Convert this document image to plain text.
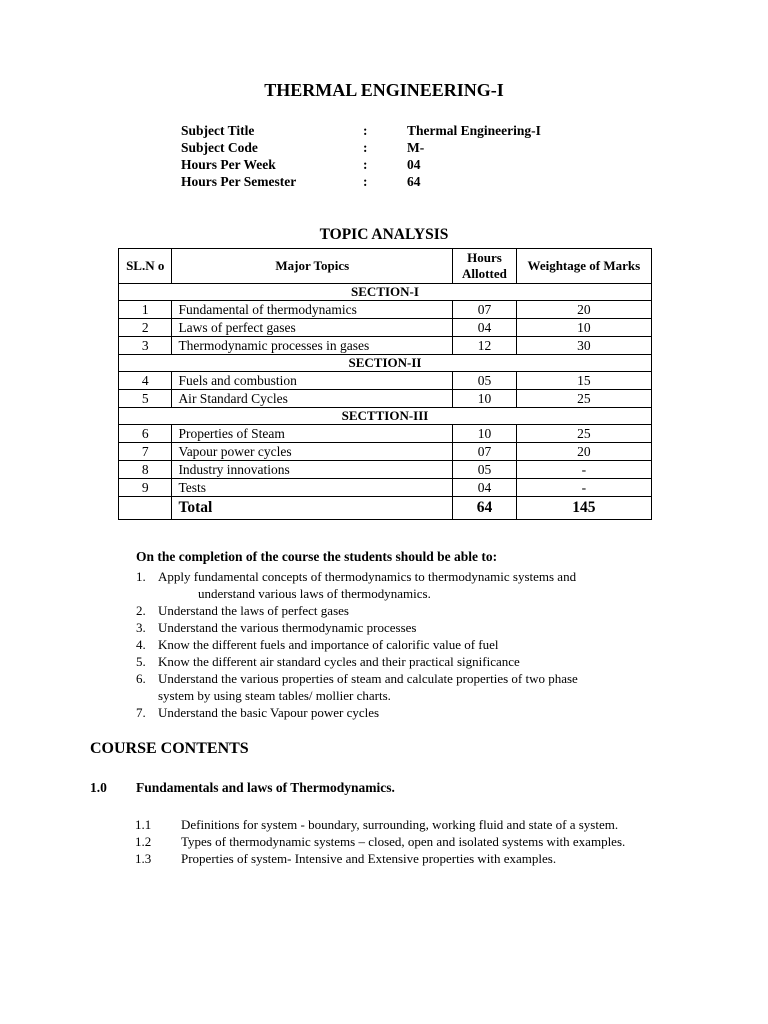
THERMAL ENGINEERING-I
Subject Title	:	Thermal Engineering-I
Subject Code	:	M-
Hours Per Week	:	04
Hours Per Semester	:	64
TOPIC ANALYSIS
SL.N o	Major Topics	Hours Allotted	Weightage of Marks
SECTION-I			
1	Fundamental of thermodynamics	07	20
2	Laws of perfect gases	04	10
3	Thermodynamic processes in gases	12	30
SECTION-II			
4	Fuels and combustion	05	15
5	Air Standard Cycles	10	25
SECTTION-III			
6	Properties of Steam	10	25
7	Vapour power cycles	07	20
8	Industry innovations	05	-
9	Tests	04	-
	Total	64	145
On the completion of the course the students should be able to:
1. Apply fundamental concepts of thermodynamics to thermodynamic systems and
understand various laws of thermodynamics.
2. Understand the laws of perfect gases
3. Understand the various thermodynamic processes
4. Know the different fuels and importance of calorific value of fuel
5. Know the different air standard cycles and their practical significance
6. Understand the various properties of steam and calculate properties of two phase
system by using steam tables/ mollier charts.
7. Understand the basic Vapour power cycles
COURSE CONTENTS
1.0	Fundamentals and laws of Thermodynamics.
1.1	Definitions for system - boundary, surrounding, working fluid and state of a system.
1.2	Types of thermodynamic systems – closed, open and isolated systems with examples.
1.3	Properties of system- Intensive and Extensive properties with examples.
